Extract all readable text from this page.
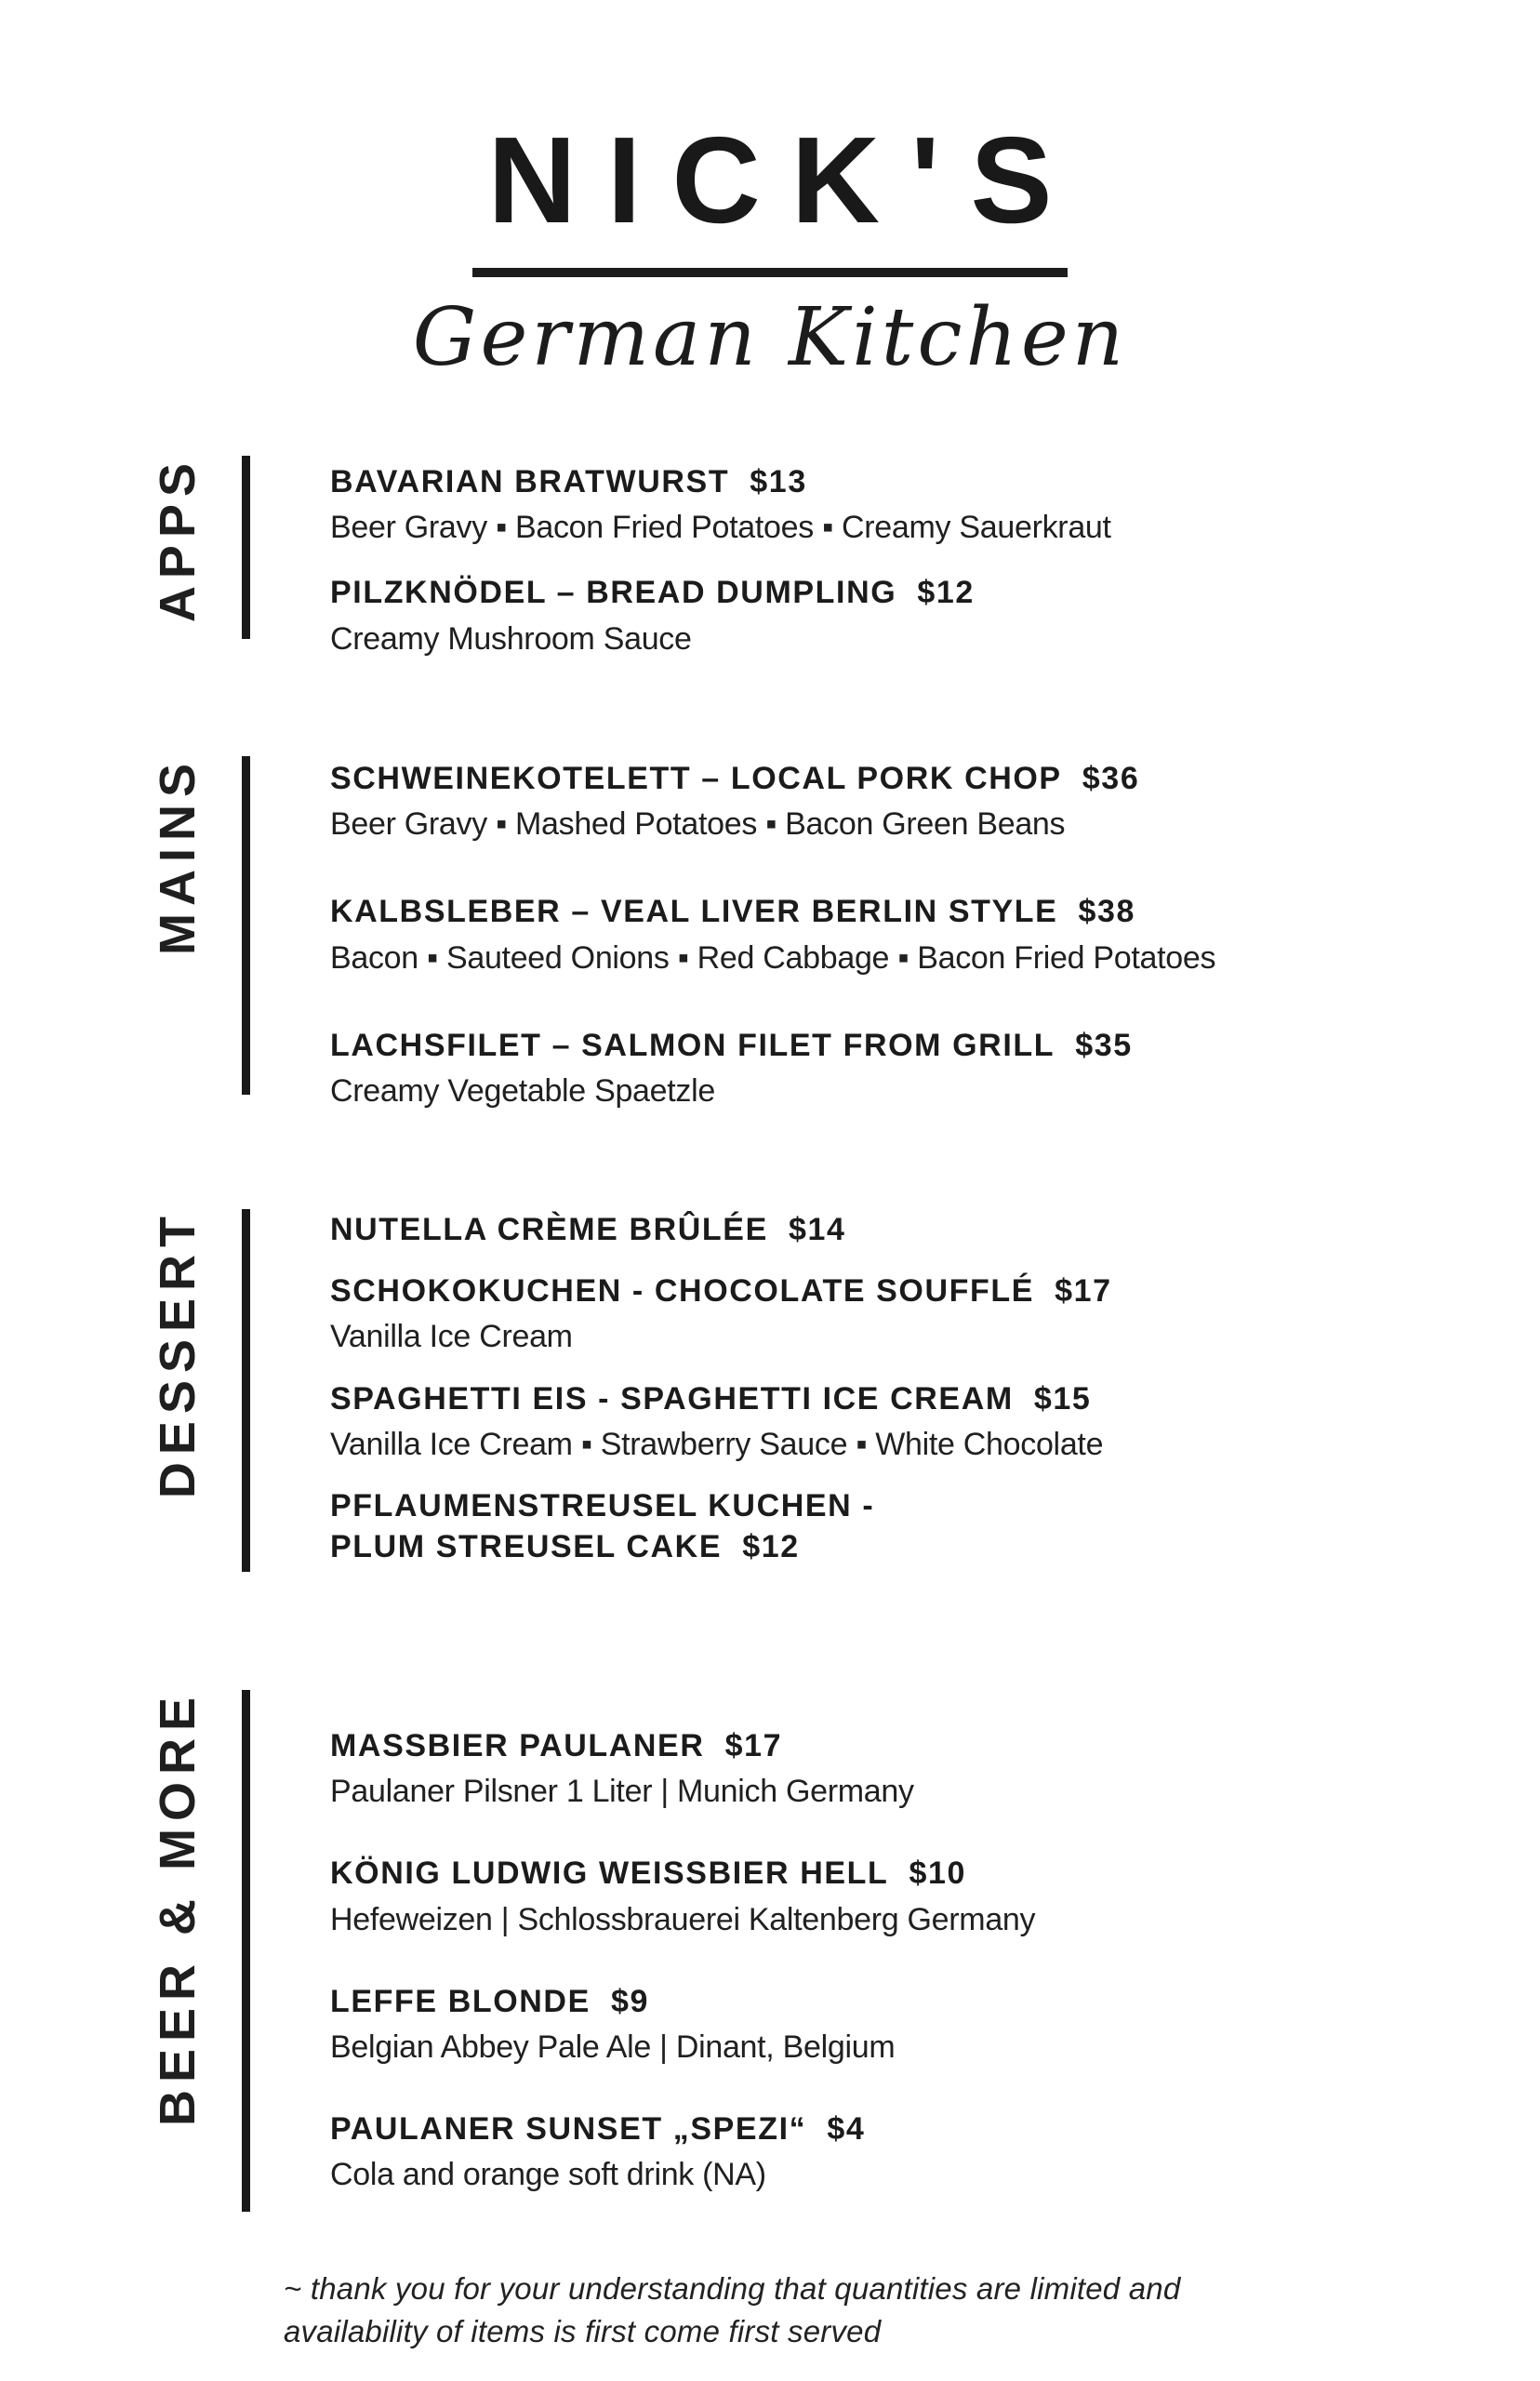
NICK'S
German Kitchen
APPS	BAVARIAN BRATWURST $13
Beer Gravy ▪ Bacon Fried Potatoes ▪ Creamy Sauerkraut
PILZKNÖDEL – BREAD DUMPLING $12
Creamy Mushroom Sauce
MAINS	SCHWEINEKOTELETT – LOCAL PORK CHOP $36
Beer Gravy ▪ Mashed Potatoes ▪ Bacon Green Beans
KALBSLEBER – VEAL LIVER BERLIN STYLE $38
Bacon ▪ Sauteed Onions ▪ Red Cabbage ▪ Bacon Fried Potatoes
LACHSFILET – SALMON FILET FROM GRILL $35
Creamy Vegetable Spaetzle
DESSERT	NUTELLA CRÈME BRÛLÉE $14
SCHOKOKUCHEN - CHOCOLATE SOUFFLÉ $17
Vanilla Ice Cream
SPAGHETTI EIS - SPAGHETTI ICE CREAM $15
Vanilla Ice Cream ▪ Strawberry Sauce ▪ White Chocolate
PFLAUMENSTREUSEL KUCHEN -
PLUM STREUSEL CAKE $12
BEER & MORE	MASSBIER PAULANER $17
Paulaner Pilsner 1 Liter | Munich Germany
KÖNIG LUDWIG WEISSBIER HELL $10
Hefeweizen | Schlossbrauerei Kaltenberg Germany
LEFFE BLONDE $9
Belgian Abbey Pale Ale | Dinant, Belgium
PAULANER SUNSET „SPEZI“ $4
Cola and orange soft drink (NA)
~ thank you for your understanding that quantities are limited and
availability of items is first come first served
